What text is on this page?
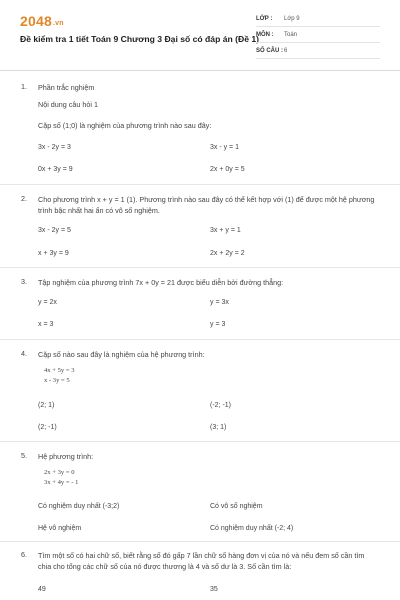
2048.vn
Đề kiểm tra 1 tiết Toán 9 Chương 3 Đại số có đáp án (Đề 1)
LỚP : Lớp 9
MÔN : Toán
SỐ CÂU : 6
1. Phần trắc nghiệm
Nội dung câu hỏi 1
Cặp số (1;0) là nghiệm của phương trình nào sau đây:
3x - 2y = 3	3x - y = 1
0x + 3y = 9	2x + 0y = 5
2. Cho phương trình x + y = 1 (1). Phương trình nào sau đây có thể kết hợp với (1) để được một hệ phương trình bậc nhất hai ẩn có vô số nghiệm.
3x - 2y = 5	3x + y = 1
x + 3y = 9	2x + 2y = 2
3. Tập nghiệm của phương trình 7x + 0y = 21 được biểu diễn bởi đường thẳng:
y = 2x	y = 3x
x = 3	y = 3
4. Cặp số nào sau đây là nghiệm của hệ phương trình:
4x + 5y = 3
x - 3y = 5
(2; 1)	(-2; -1)
(2; -1)	(3; 1)
5. Hệ phương trình:
2x + 3y = 0
3x + 4y = - 1
Có nghiệm duy nhất (-3;2)	Có vô số nghiệm
Hệ vô nghiệm	Có nghiệm duy nhất (-2; 4)
6. Tìm một số có hai chữ số, biết rằng số đó gấp 7 lần chữ số hàng đơn vị của nó và nếu đem số cần tìm chia cho tổng các chữ số của nó được thương là 4 và số dư là 3. Số cần tìm là:
49	35
